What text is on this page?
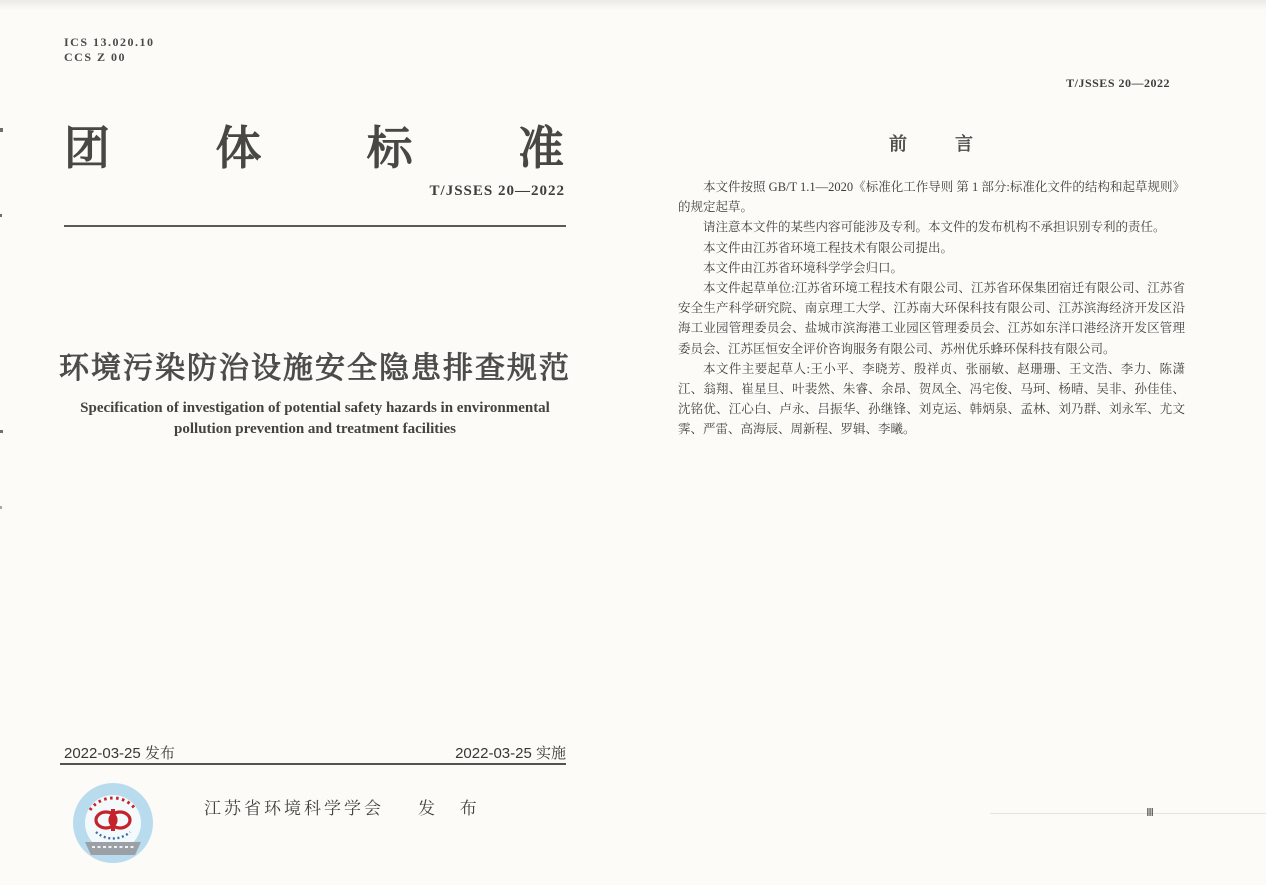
ICS 13.020.10
CCS Z 00
团 体 标 准
T/JSSES 20—2022
环境污染防治设施安全隐患排查规范
Specification of investigation of potential safety hazards in environmental
pollution prevention and treatment facilities
2022-03-25 发布	2022-03-25 实施
江苏省环境科学学会 发 布
T/JSSES 20—2022
前	言

本文件按照 GB/T 1.1—2020《标准化工作导则 第 1 部分:标准化文件的结构和起草规则》的规定起草。

请注意本文件的某些内容可能涉及专利。本文件的发布机构不承担识别专利的责任。

本文件由江苏省环境工程技术有限公司提出。

本文件由江苏省环境科学学会归口。

本文件起草单位:江苏省环境工程技术有限公司、江苏省环保集团宿迁有限公司、江苏省安全生产科学研究院、南京理工大学、江苏南大环保科技有限公司、江苏滨海经济开发区沿海工业园管理委员会、盐城市滨海港工业园区管理委员会、江苏如东洋口港经济开发区管理委员会、江苏匡恒安全评价咨询服务有限公司、苏州优乐蜂环保科技有限公司。

本文件主要起草人:王小平、李晓芳、殷祥贞、张丽敏、赵珊珊、王文浩、李力、陈潇江、翁翔、崔星旦、叶裴然、朱睿、余昂、贺凤全、冯宅俊、马珂、杨晴、吴非、孙佳佳、沈铭优、江心白、卢永、吕振华、孙继锋、刘克运、韩炳泉、孟林、刘乃群、刘永军、尤文霁、严雷、高海辰、周新程、罗辑、李曦。

Ⅲ
